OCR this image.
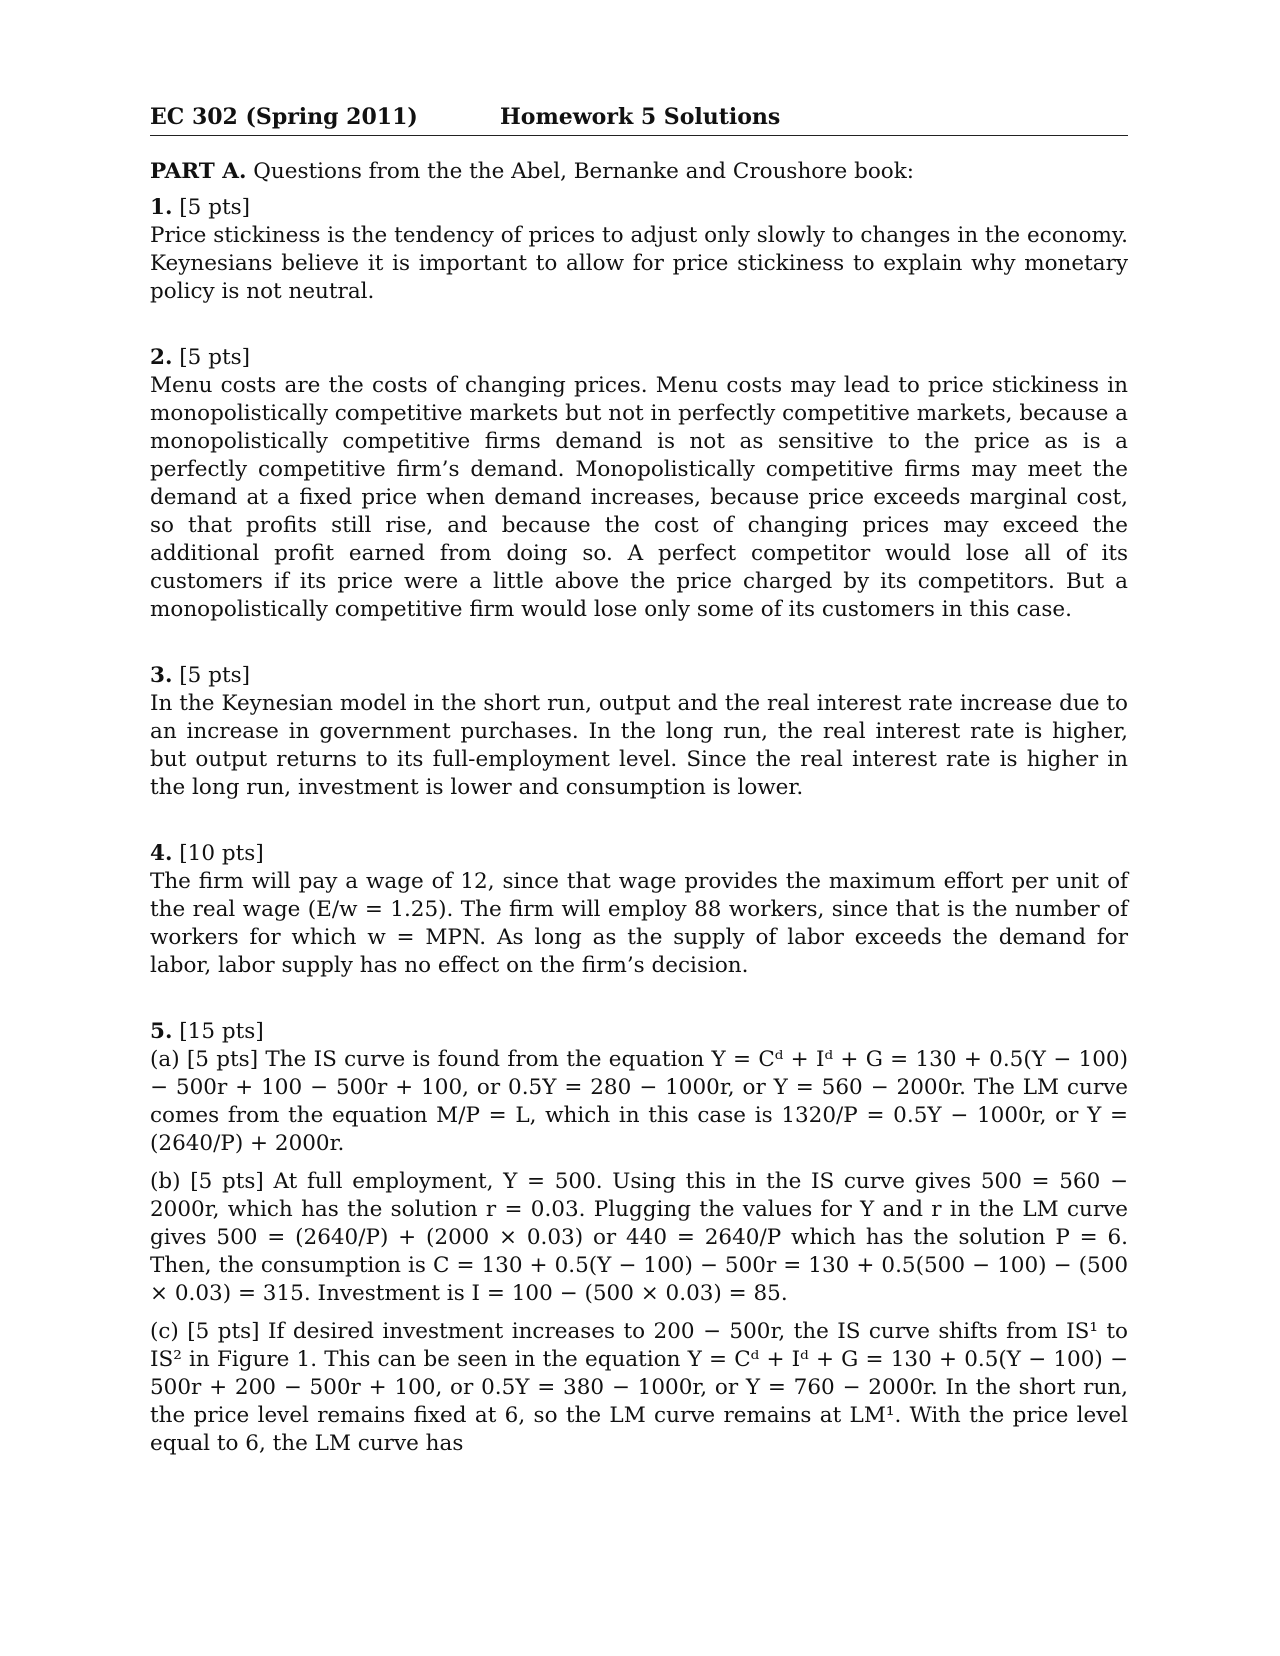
EC 302 (Spring 2011)	Homework 5 Solutions

PART A. Questions from the the Abel, Bernanke and Croushore book:

1. [5 pts]

Price stickiness is the tendency of prices to adjust only slowly to changes in the economy. Keynesians believe it is important to allow for price stickiness to explain why monetary policy is not neutral.

2. [5 pts]

Menu costs are the costs of changing prices. Menu costs may lead to price stickiness in monopolistically competitive markets but not in perfectly competitive markets, because a monopolistically competitive firms demand is not as sensitive to the price as is a perfectly competitive firm’s demand. Monopolistically competitive firms may meet the demand at a fixed price when demand increases, because price exceeds marginal cost, so that profits still rise, and because the cost of changing prices may exceed the additional profit earned from doing so. A perfect competitor would lose all of its customers if its price were a little above the price charged by its competitors. But a monopolistically competitive firm would lose only some of its customers in this case.

3. [5 pts]

In the Keynesian model in the short run, output and the real interest rate increase due to an increase in government purchases. In the long run, the real interest rate is higher, but output returns to its full-employment level. Since the real interest rate is higher in the long run, investment is lower and consumption is lower.

4. [10 pts]

The firm will pay a wage of 12, since that wage provides the maximum effort per unit of the real wage (E/w = 1.25). The firm will employ 88 workers, since that is the number of workers for which w = MPN. As long as the supply of labor exceeds the demand for labor, labor supply has no effect on the firm’s decision.

5. [15 pts]

(a) [5 pts] The IS curve is found from the equation Y = Cᵈ + Iᵈ + G = 130 + 0.5(Y − 100) − 500r + 100 − 500r + 100, or 0.5Y = 280 − 1000r, or Y = 560 − 2000r. The LM curve comes from the equation M/P = L, which in this case is 1320/P = 0.5Y − 1000r, or Y = (2640/P) + 2000r.

(b) [5 pts] At full employment, Y = 500. Using this in the IS curve gives 500 = 560 − 2000r, which has the solution r = 0.03. Plugging the values for Y and r in the LM curve gives 500 = (2640/P) + (2000 × 0.03) or 440 = 2640/P which has the solution P = 6. Then, the consumption is C = 130 + 0.5(Y − 100) − 500r = 130 + 0.5(500 − 100) − (500 × 0.03) = 315. Investment is I = 100 − (500 × 0.03) = 85.

(c) [5 pts] If desired investment increases to 200 − 500r, the IS curve shifts from IS¹ to IS² in Figure 1. This can be seen in the equation Y = Cᵈ + Iᵈ + G = 130 + 0.5(Y − 100) − 500r + 200 − 500r + 100, or 0.5Y = 380 − 1000r, or Y = 760 − 2000r. In the short run, the price level remains fixed at 6, so the LM curve remains at LM¹. With the price level equal to 6, the LM curve has
